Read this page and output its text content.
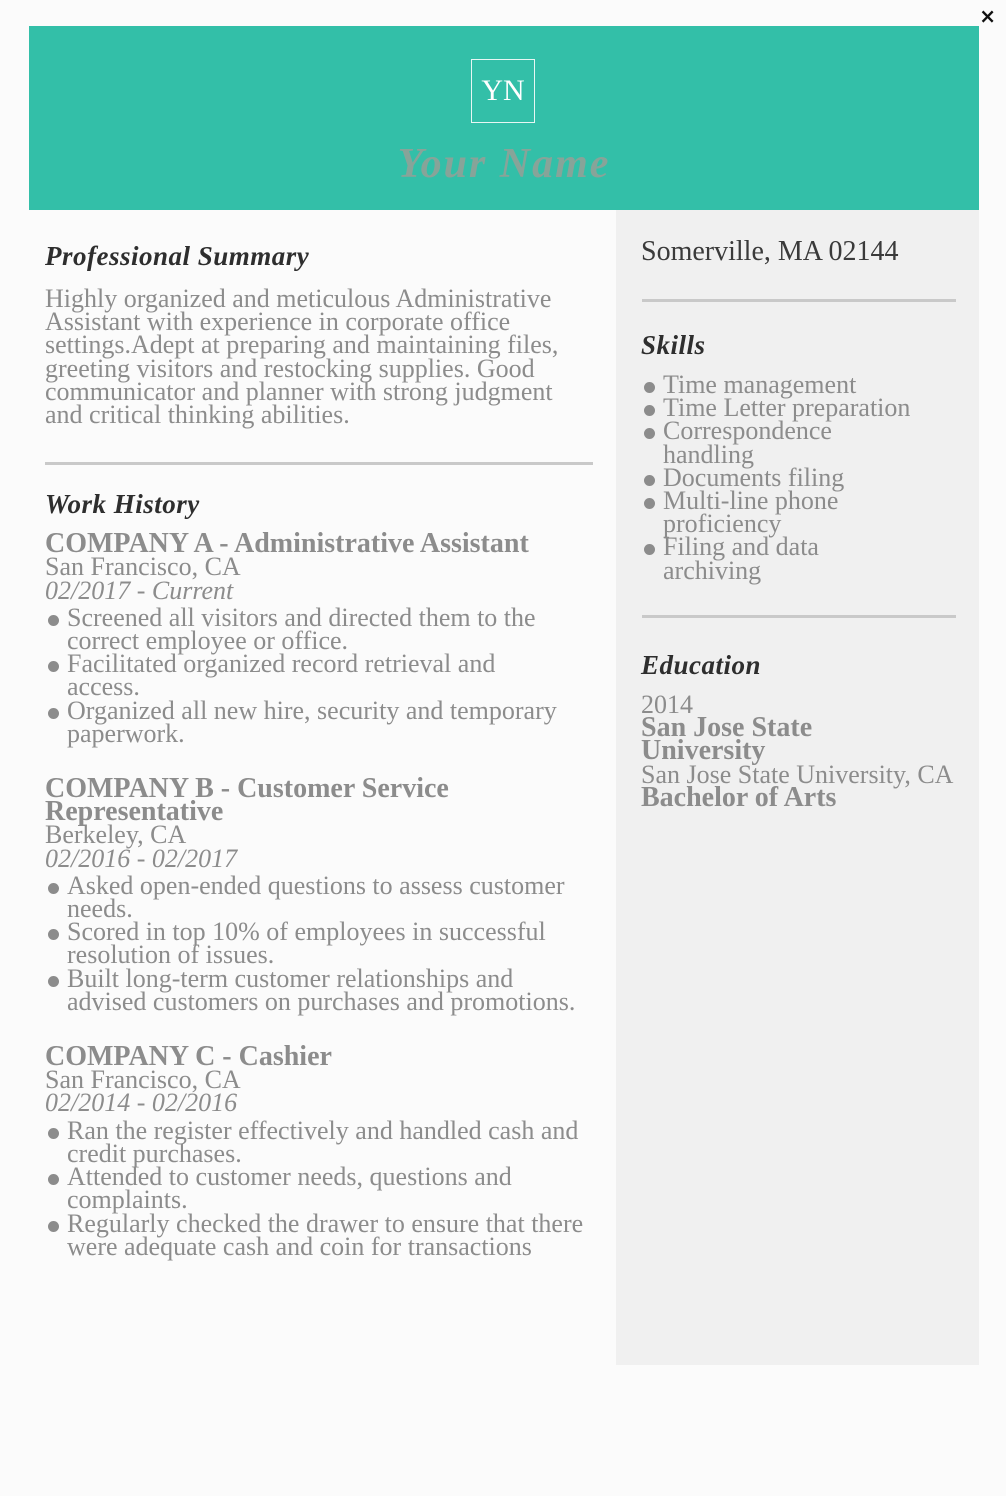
×
YN
Your Name
Professional Summary

Highly organized and meticulous Administrative Assistant with experience in corporate office settings.Adept at preparing and maintaining files, greeting visitors and restocking supplies. Good communicator and planner with strong judgment and critical thinking abilities.

Work History
COMPANY A - Administrative Assistant
San Francisco, CA
02/2017 - Current
Screened all visitors and directed them to the correct employee or office.
Facilitated organized record retrieval and access.
Organized all new hire, security and temporary paperwork.
COMPANY B - Customer Service Representative
Berkeley, CA
02/2016 - 02/2017
Asked open-ended questions to assess customer needs.
Scored in top 10% of employees in successful resolution of issues.
Built long-term customer relationships and advised customers on purchases and promotions.
COMPANY C - Cashier
San Francisco, CA
02/2014 - 02/2016
Ran the register effectively and handled cash and credit purchases.
Attended to customer needs, questions and complaints.
Regularly checked the drawer to ensure that there were adequate cash and coin for transactions
Somerville, MA 02144
Skills
Time management
Time Letter preparation
Correspondence handling
Documents filing
Multi-line phone proficiency
Filing and data archiving
Education
2014
San Jose State University
San Jose State University, CA
Bachelor of Arts
